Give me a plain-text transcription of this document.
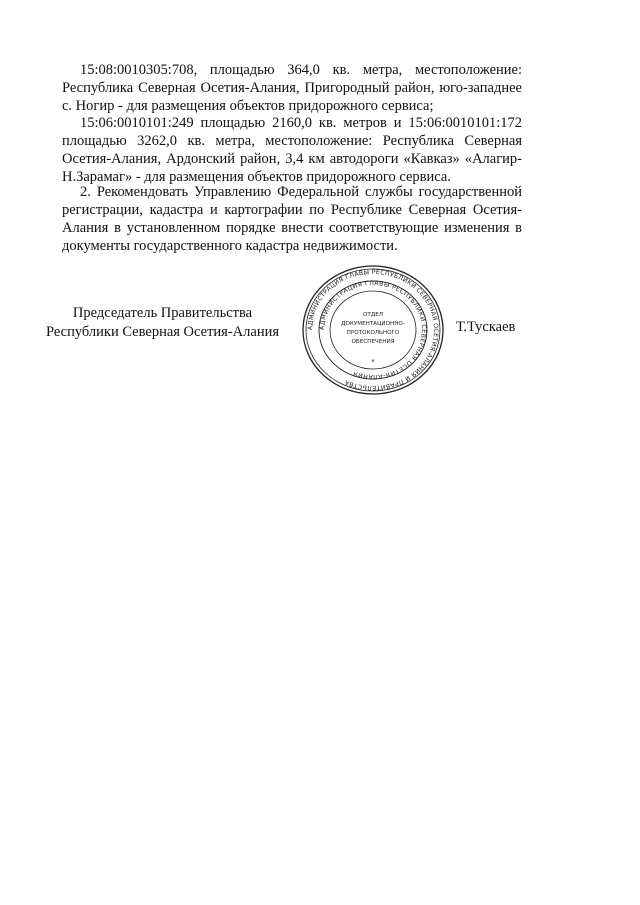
15:08:0010305:708, площадью 364,0 кв. метра, местоположение: Республика Северная Осетия-Алания, Пригородный район, юго-западнее с. Ногир - для размещения объектов придорожного сервиса;

15:06:0010101:249 площадью 2160,0 кв. метров и 15:06:0010101:172 площадью 3262,0 кв. метра, местоположение: Республика Северная Осетия-Алания, Ардонский район, 3,4 км автодороги «Кавказ» «Алагир-Н.Зарамаг» - для размещения объектов придорожного сервиса.

2. Рекомендовать Управлению Федеральной службы государственной регистрации, кадастра и картографии по Республике Северная Осетия-Алания в установленном порядке внести соответствующие изменения в документы государственного кадастра недвижимости.

Председатель Правительства
Республики Северная Осетия-Алания	АДМИНИСТРАЦИЯ ГЛАВЫ РЕСПУБЛИКИ СЕВЕРНАЯ ОСЕТИЯ-АЛАНИЯ И ПРАВИТЕЛЬСТВА
АДМИНИСТРАЦИЯ ГЛАВЫ РЕСПУБЛИКИ СЕВЕРНАЯ ОСЕТИЯ-АЛАНИЯ
ОТДЕЛ
ДОКУМЕНТАЦИОННО-
ПРОТОКОЛЬНОГО
ОБЕСПЕЧЕНИЯ
*
Т.Тускаев
